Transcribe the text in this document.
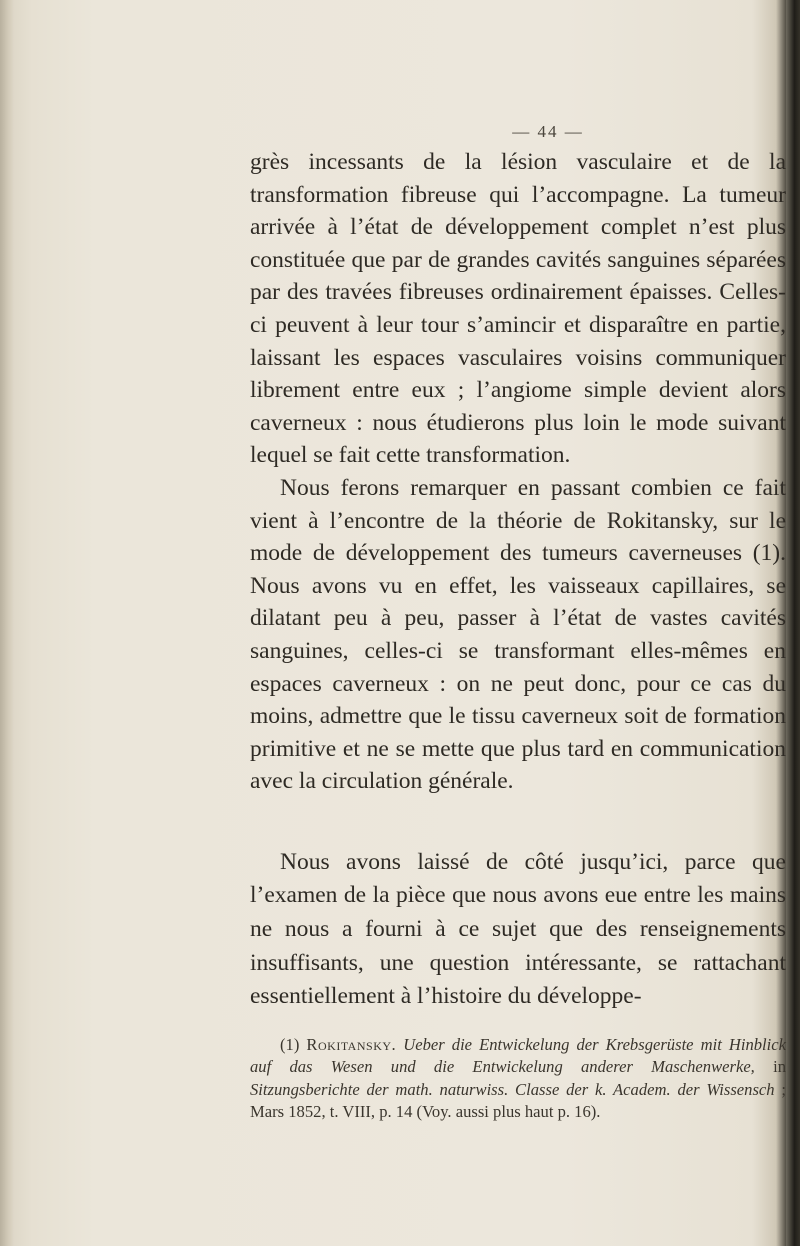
— 44 —

grès incessants de la lésion vasculaire et de la transformation fibreuse qui l’accompagne. La tumeur arrivée à l’état de développement complet n’est plus constituée que par de grandes cavités sanguines séparées par des travées fibreuses ordinairement épaisses. Celles-ci peuvent à leur tour s’amincir et disparaître en partie, laissant les espaces vasculaires voisins communiquer librement entre eux ; l’angiome simple devient alors caverneux : nous étudierons plus loin le mode suivant lequel se fait cette transformation.

Nous ferons remarquer en passant combien ce fait vient à l’encontre de la théorie de Rokitansky, sur le mode de développement des tumeurs caverneuses (1). Nous avons vu en effet, les vaisseaux capillaires, se dilatant peu à peu, passer à l’état de vastes cavités sanguines, celles-ci se transformant elles-mêmes en espaces caverneux : on ne peut donc, pour ce cas du moins, admettre que le tissu caverneux soit de formation primitive et ne se mette que plus tard en communication avec la circulation générale.

Nous avons laissé de côté jusqu’ici, parce que l’examen de la pièce que nous avons eue entre les mains ne nous a fourni à ce sujet que des renseignements insuffisants, une question intéressante, se rattachant essentiellement à l’histoire du développe-

(1) Rokitansky. Ueber die Entwickelung der Krebsgerüste mit Hinblick auf das Wesen und die Entwickelung anderer Maschenwerke, in Sitzungsberichte der math. naturwiss. Classe der k. Academ. der Wissensch ; Mars 1852, t. VIII, p. 14 (Voy. aussi plus haut p. 16).
